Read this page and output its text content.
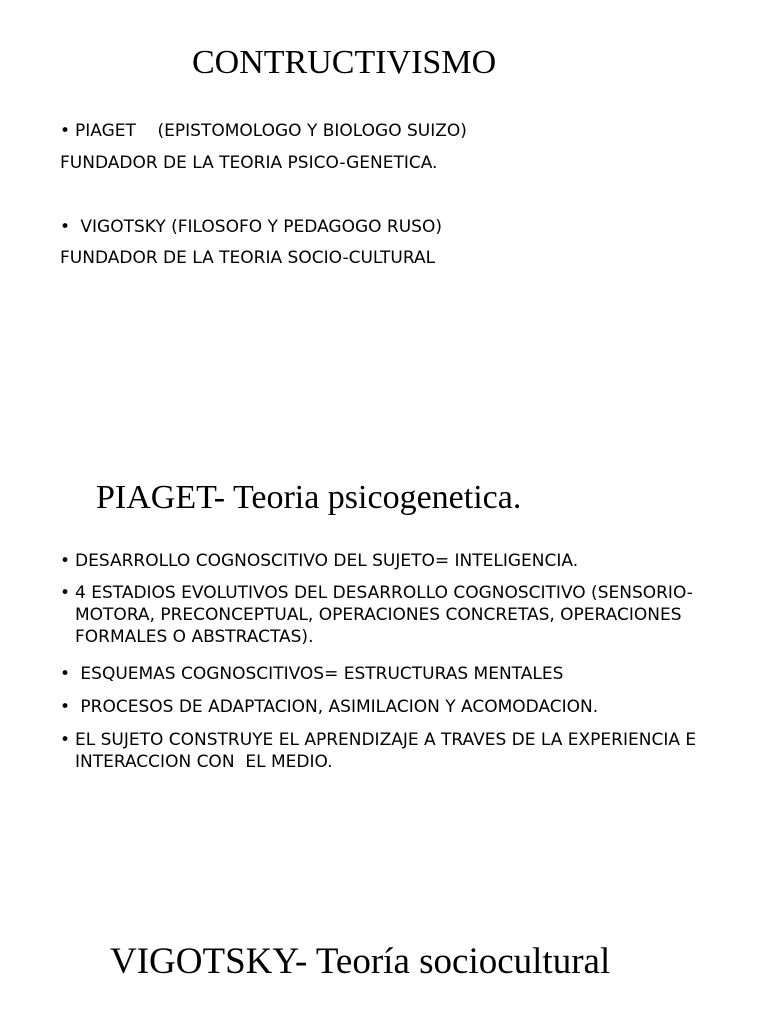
CONTRUCTIVISMO
• PIAGET    (EPISTOMOLOGO Y BIOLOGO SUIZO)
FUNDADOR DE LA TEORIA PSICO-GENETICA.
• VIGOTSKY (FILOSOFO Y PEDAGOGO RUSO)
FUNDADOR DE LA TEORIA SOCIO-CULTURAL
PIAGET- Teoria psicogenetica.
• DESARROLLO COGNOSCITIVO DEL SUJETO= INTELIGENCIA.
• 4 ESTADIOS EVOLUTIVOS DEL DESARROLLO COGNOSCITIVO (SENSORIO-MOTORA, PRECONCEPTUAL, OPERACIONES CONCRETAS, OPERACIONES FORMALES O ABSTRACTAS).
• ESQUEMAS COGNOSCITIVOS= ESTRUCTURAS MENTALES
• PROCESOS DE ADAPTACION, ASIMILACION Y ACOMODACION.
• EL SUJETO CONSTRUYE EL APRENDIZAJE A TRAVES DE LA EXPERIENCIA E INTERACCION CON  EL MEDIO.
VIGOTSKY- Teoría sociocultural
